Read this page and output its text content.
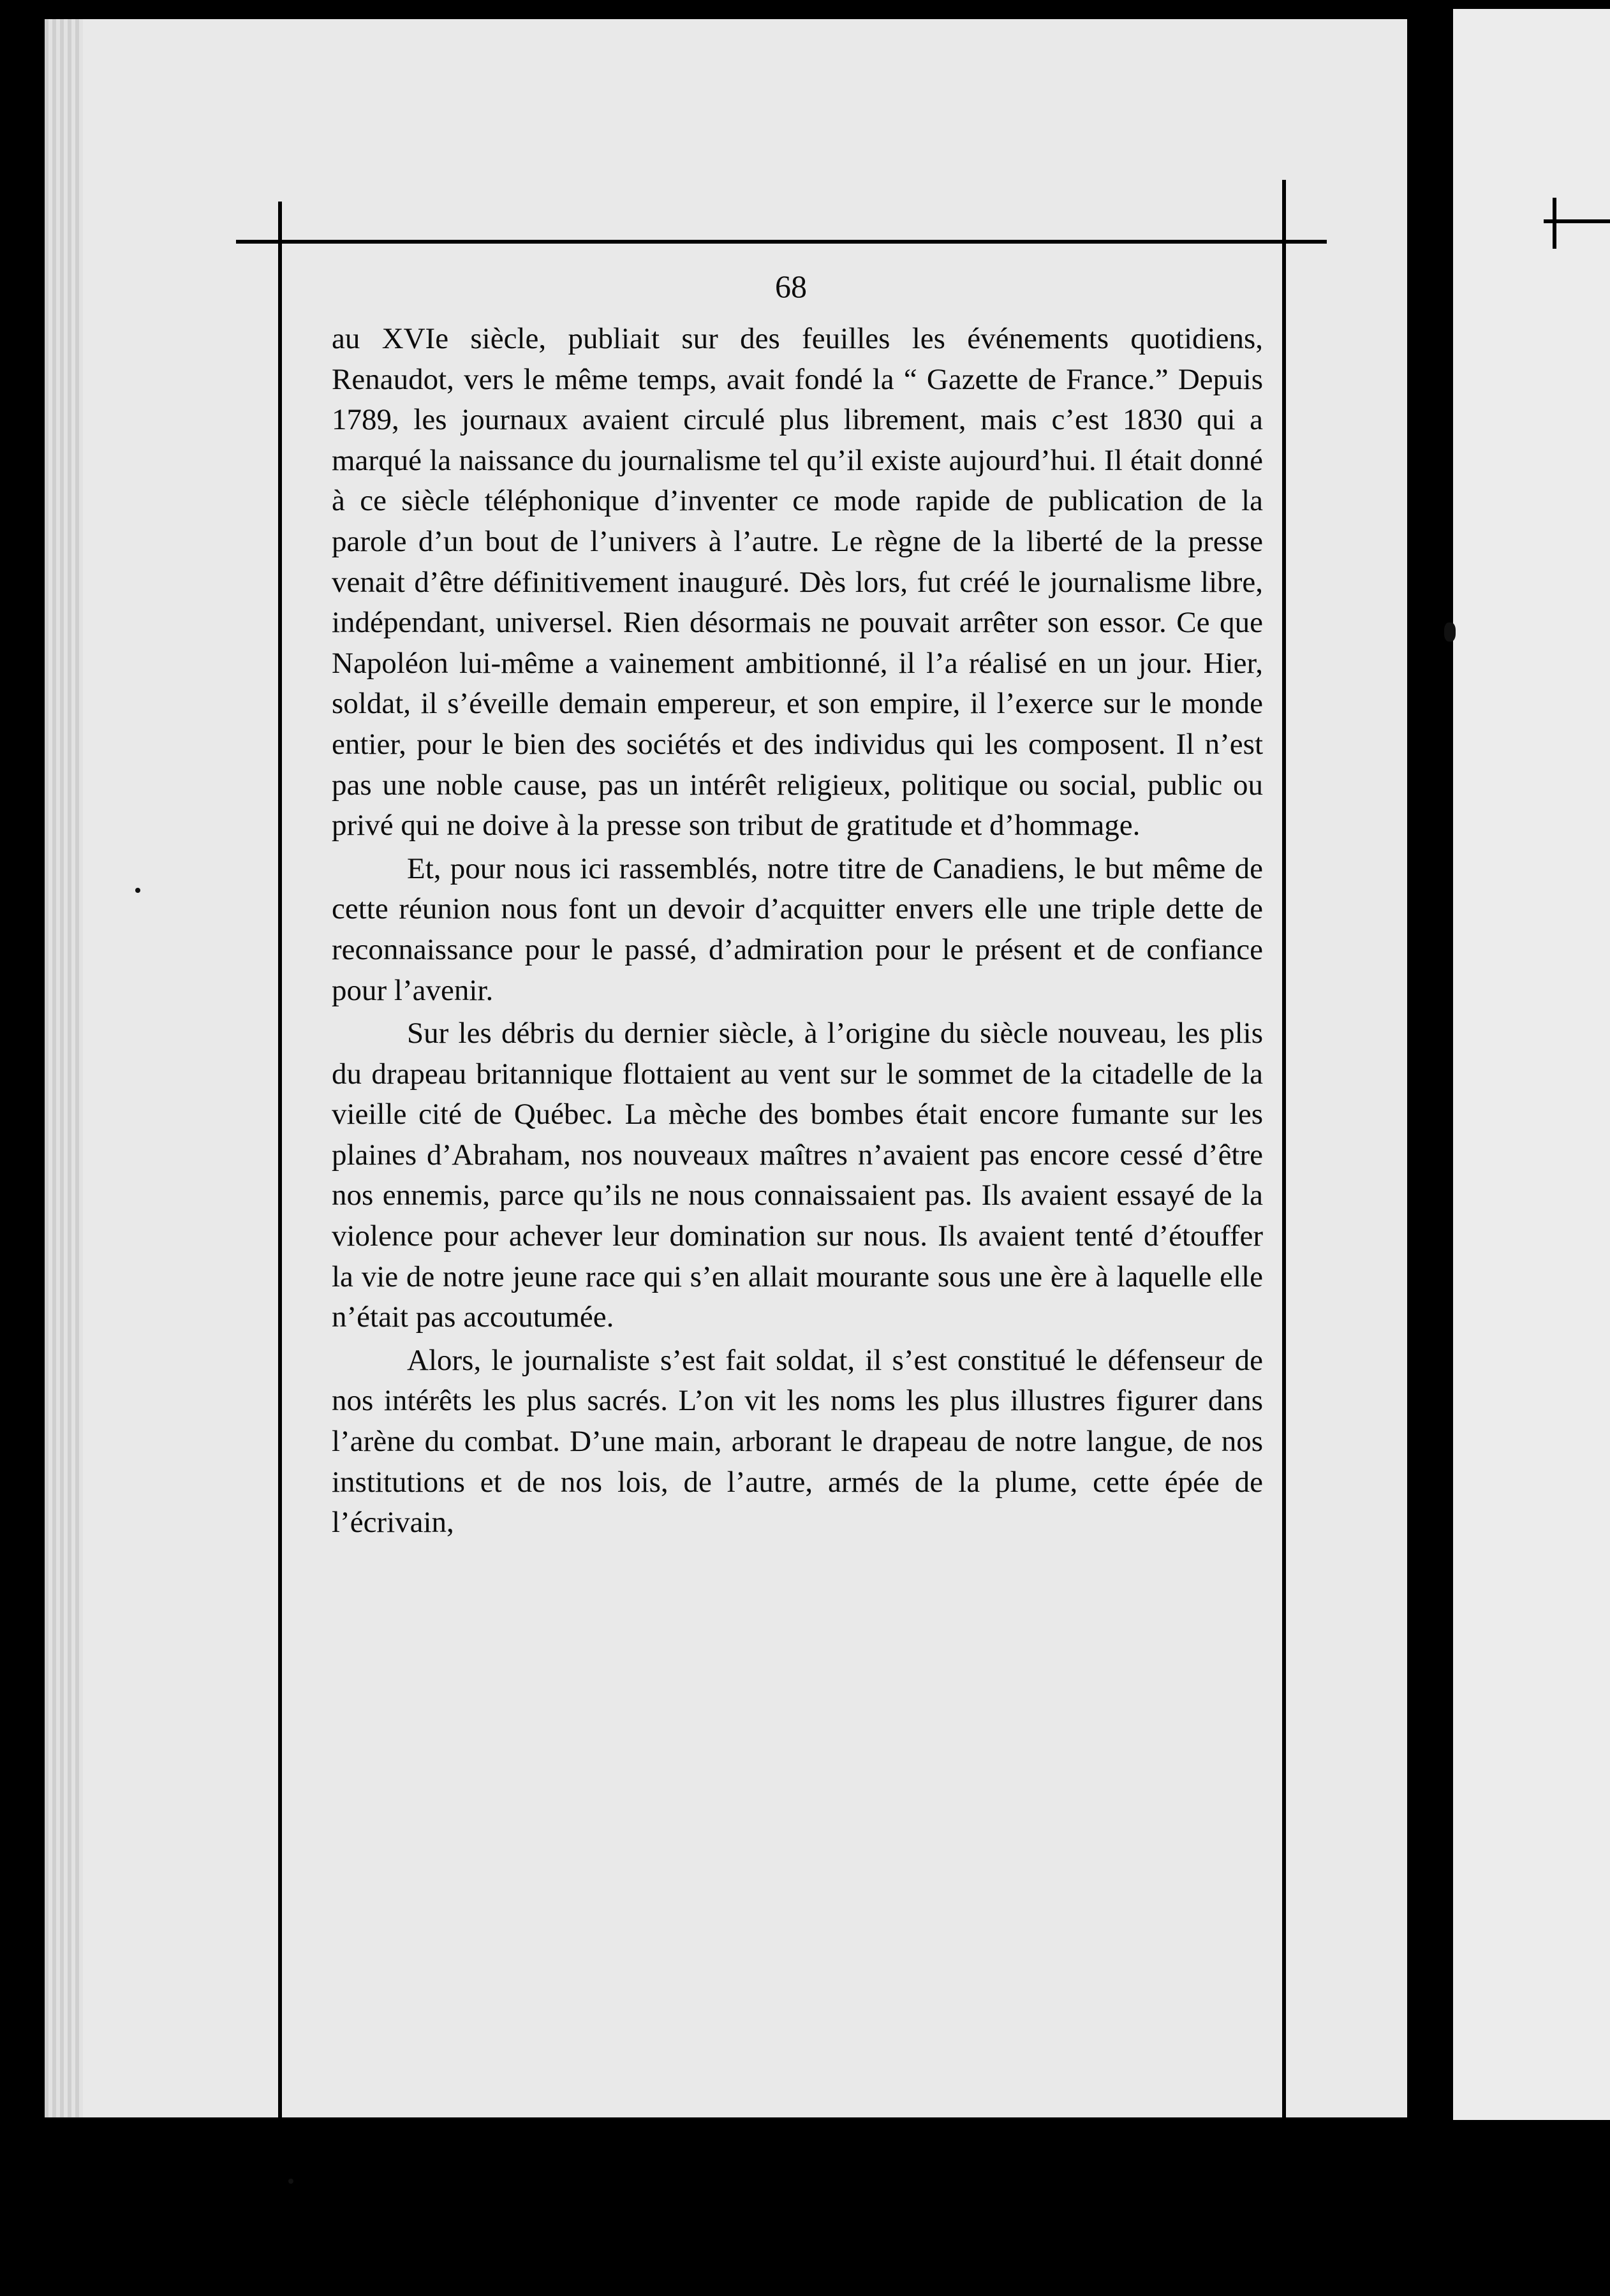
68

au XVIe siècle, publiait sur des feuilles les événements quotidiens, Renaudot, vers le même temps, avait fondé la “ Gazette de France.” Depuis 1789, les journaux avaient circulé plus librement, mais c’est 1830 qui a marqué la naissance du journalisme tel qu’il existe aujourd’hui. Il était donné à ce siècle téléphonique d’inventer ce mode rapide de publication de la parole d’un bout de l’univers à l’autre. Le règne de la liberté de la presse venait d’être définitivement inauguré. Dès lors, fut créé le journalisme libre, indépendant, universel. Rien désormais ne pouvait arrêter son essor. Ce que Napoléon lui-même a vainement ambitionné, il l’a réalisé en un jour. Hier, soldat, il s’éveille demain empereur, et son empire, il l’exerce sur le monde entier, pour le bien des sociétés et des individus qui les composent. Il n’est pas une noble cause, pas un intérêt religieux, politique ou social, public ou privé qui ne doive à la presse son tribut de gratitude et d’hommage.

Et, pour nous ici rassemblés, notre titre de Canadiens, le but même de cette réunion nous font un devoir d’acquitter envers elle une triple dette de reconnaissance pour le passé, d’admiration pour le présent et de confiance pour l’avenir.

Sur les débris du dernier siècle, à l’origine du siècle nouveau, les plis du drapeau britannique flottaient au vent sur le sommet de la citadelle de la vieille cité de Québec. La mèche des bombes était encore fumante sur les plaines d’Abraham, nos nouveaux maîtres n’avaient pas encore cessé d’être nos ennemis, parce qu’ils ne nous connaissaient pas. Ils avaient essayé de la violence pour achever leur domination sur nous. Ils avaient tenté d’étouffer la vie de notre jeune race qui s’en allait mourante sous une ère à laquelle elle n’était pas accoutumée.

Alors, le journaliste s’est fait soldat, il s’est constitué le défenseur de nos intérêts les plus sacrés. L’on vit les noms les plus illustres figurer dans l’arène du combat. D’une main, arborant le drapeau de notre langue, de nos institutions et de nos lois, de l’autre, armés de la plume, cette épée de l’écrivain,
